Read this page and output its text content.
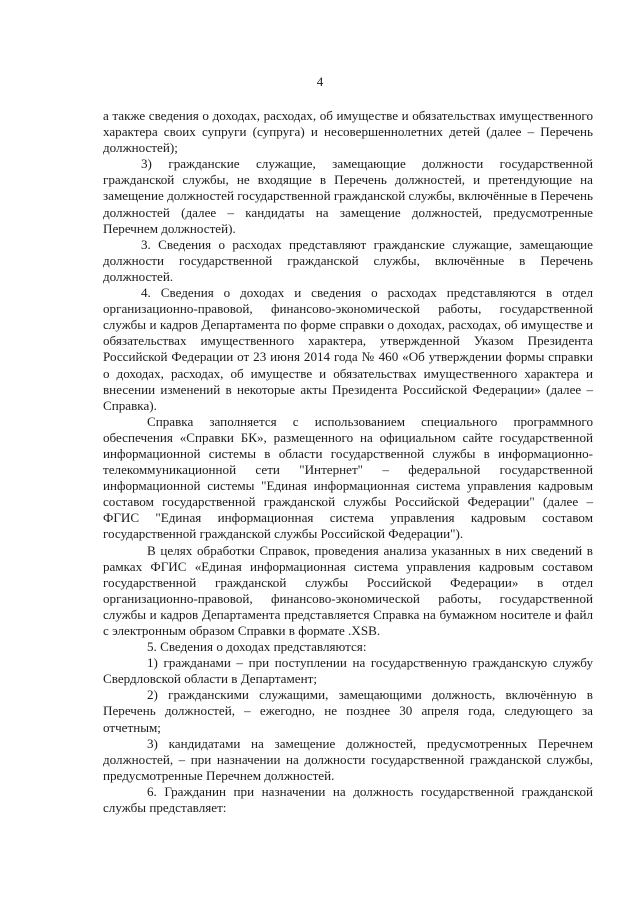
4

а также сведения о доходах, расходах, об имуществе и обязательствах имущественного характера своих супруги (супруга) и несовершеннолетних детей (далее – Перечень должностей);

3) гражданские служащие, замещающие должности государственной гражданской службы, не входящие в Перечень должностей, и претендующие на замещение должностей государственной гражданской службы, включённые в Перечень должностей (далее – кандидаты на замещение должностей, предусмотренные Перечнем должностей).

3. Сведения о расходах представляют гражданские служащие, замещающие должности государственной гражданской службы, включённые в Перечень должностей.

4. Сведения о доходах и сведения о расходах представляются в отдел организационно-правовой, финансово-экономической работы, государственной службы и кадров Департамента по форме справки о доходах, расходах, об имуществе и обязательствах имущественного характера, утвержденной Указом Президента Российской Федерации от 23 июня 2014 года № 460 «Об утверждении формы справки о доходах, расходах, об имуществе и обязательствах имущественного характера и внесении изменений в некоторые акты Президента Российской Федерации» (далее – Справка).

Справка заполняется с использованием специального программного обеспечения «Справки БК», размещенного на официальном сайте государственной информационной системы в области государственной службы в информационно-телекоммуникационной сети "Интернет" – федеральной государственной информационной системы "Единая информационная система управления кадровым составом государственной гражданской службы Российской Федерации" (далее – ФГИС "Единая информационная система управления кадровым составом государственной гражданской службы Российской Федерации").

В целях обработки Справок, проведения анализа указанных в них сведений в рамках ФГИС «Единая информационная система управления кадровым составом государственной гражданской службы Российской Федерации» в отдел организационно-правовой, финансово-экономической работы, государственной службы и кадров Департамента представляется Справка на бумажном носителе и файл с электронным образом Справки в формате .XSB.

5. Сведения о доходах представляются:

1) гражданами – при поступлении на государственную гражданскую службу Свердловской области в Департамент;

2) гражданскими служащими, замещающими должность, включённую в Перечень должностей, – ежегодно, не позднее 30 апреля года, следующего за отчетным;

3) кандидатами на замещение должностей, предусмотренных Перечнем должностей, – при назначении на должности государственной гражданской службы, предусмотренные Перечнем должностей.

6. Гражданин при назначении на должность государственной гражданской службы представляет:
